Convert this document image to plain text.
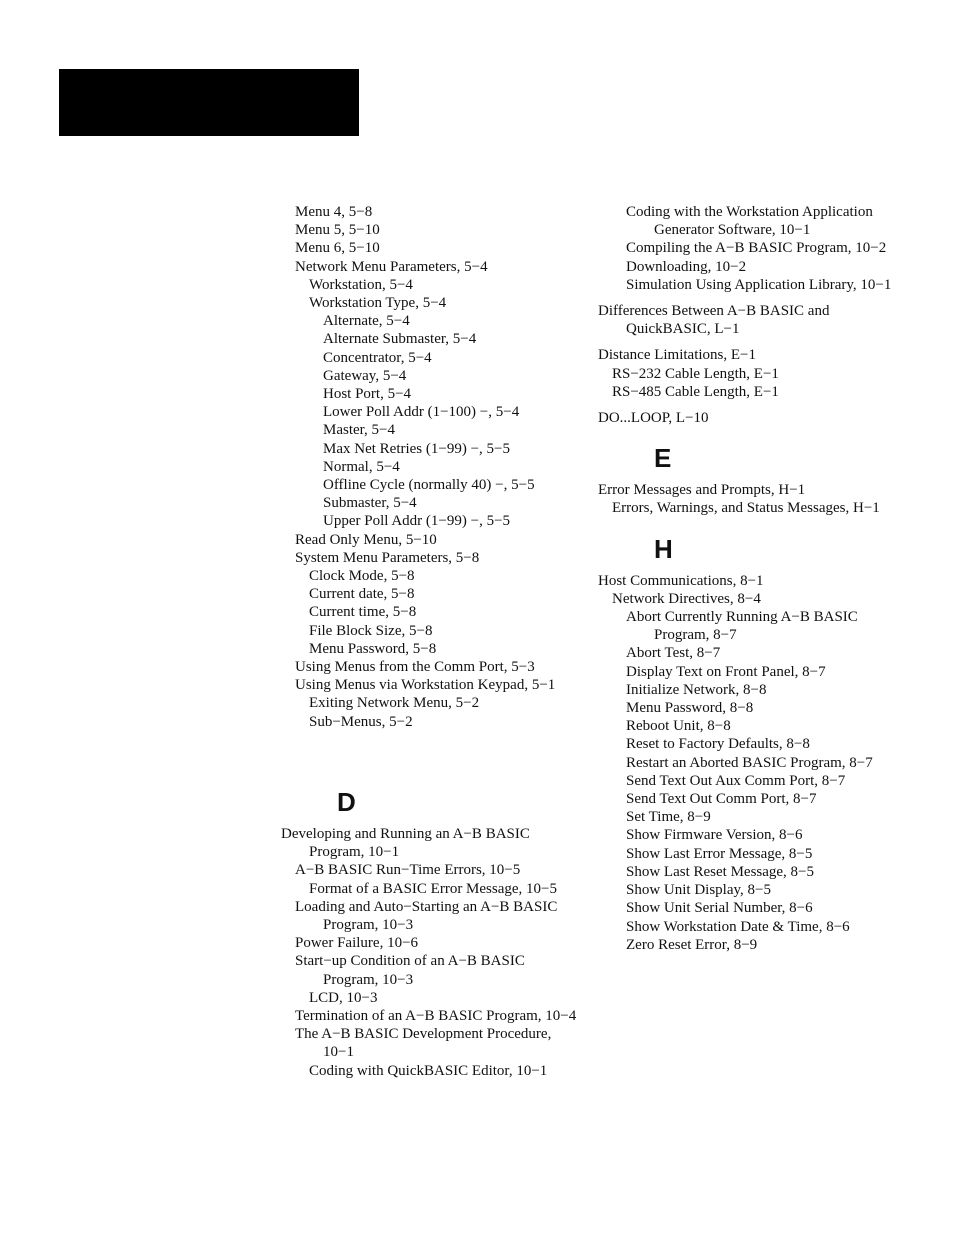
Menu 4, 5−8
Menu 5, 5−10
Menu 6, 5−10
Network Menu Parameters, 5−4
Workstation, 5−4
Workstation Type, 5−4
Alternate, 5−4
Alternate Submaster, 5−4
Concentrator, 5−4
Gateway, 5−4
Host Port, 5−4
Lower Poll Addr (1−100) −, 5−4
Master, 5−4
Max Net Retries (1−99) −, 5−5
Normal, 5−4
Offline Cycle (normally 40) −, 5−5
Submaster, 5−4
Upper Poll Addr (1−99) −, 5−5
Read Only Menu, 5−10
System Menu Parameters, 5−8
Clock Mode, 5−8
Current date, 5−8
Current time, 5−8
File Block Size, 5−8
Menu Password, 5−8
Using Menus from the Comm Port, 5−3
Using Menus via Workstation Keypad, 5−1
Exiting Network Menu, 5−2
Sub−Menus, 5−2
D
Developing and Running an A−B BASIC Program, 10−1
A−B BASIC Run−Time Errors, 10−5
Format of a BASIC Error Message, 10−5
Loading and Auto−Starting an A−B BASIC Program, 10−3
Power Failure, 10−6
Start−up Condition of an A−B BASIC Program, 10−3
LCD, 10−3
Termination of an A−B BASIC Program, 10−4
The A−B BASIC Development Procedure, 10−1
Coding with QuickBASIC Editor, 10−1
Coding with the Workstation Application Generator Software, 10−1
Compiling the A−B BASIC Program, 10−2
Downloading, 10−2
Simulation Using Application Library, 10−1
Differences Between A−B BASIC and QuickBASIC, L−1
Distance Limitations, E−1
RS−232 Cable Length, E−1
RS−485 Cable Length, E−1
DO...LOOP, L−10
E
Error Messages and Prompts, H−1
Errors, Warnings, and Status Messages, H−1
H
Host Communications, 8−1
Network Directives, 8−4
Abort Currently Running A−B BASIC Program, 8−7
Abort Test, 8−7
Display Text on Front Panel, 8−7
Initialize Network, 8−8
Menu Password, 8−8
Reboot Unit, 8−8
Reset to Factory Defaults, 8−8
Restart an Aborted BASIC Program, 8−7
Send Text Out Aux Comm Port, 8−7
Send Text Out Comm Port, 8−7
Set Time, 8−9
Show Firmware Version, 8−6
Show Last Error Message, 8−5
Show Last Reset Message, 8−5
Show Unit Display, 8−5
Show Unit Serial Number, 8−6
Show Workstation Date & Time, 8−6
Zero Reset Error, 8−9
